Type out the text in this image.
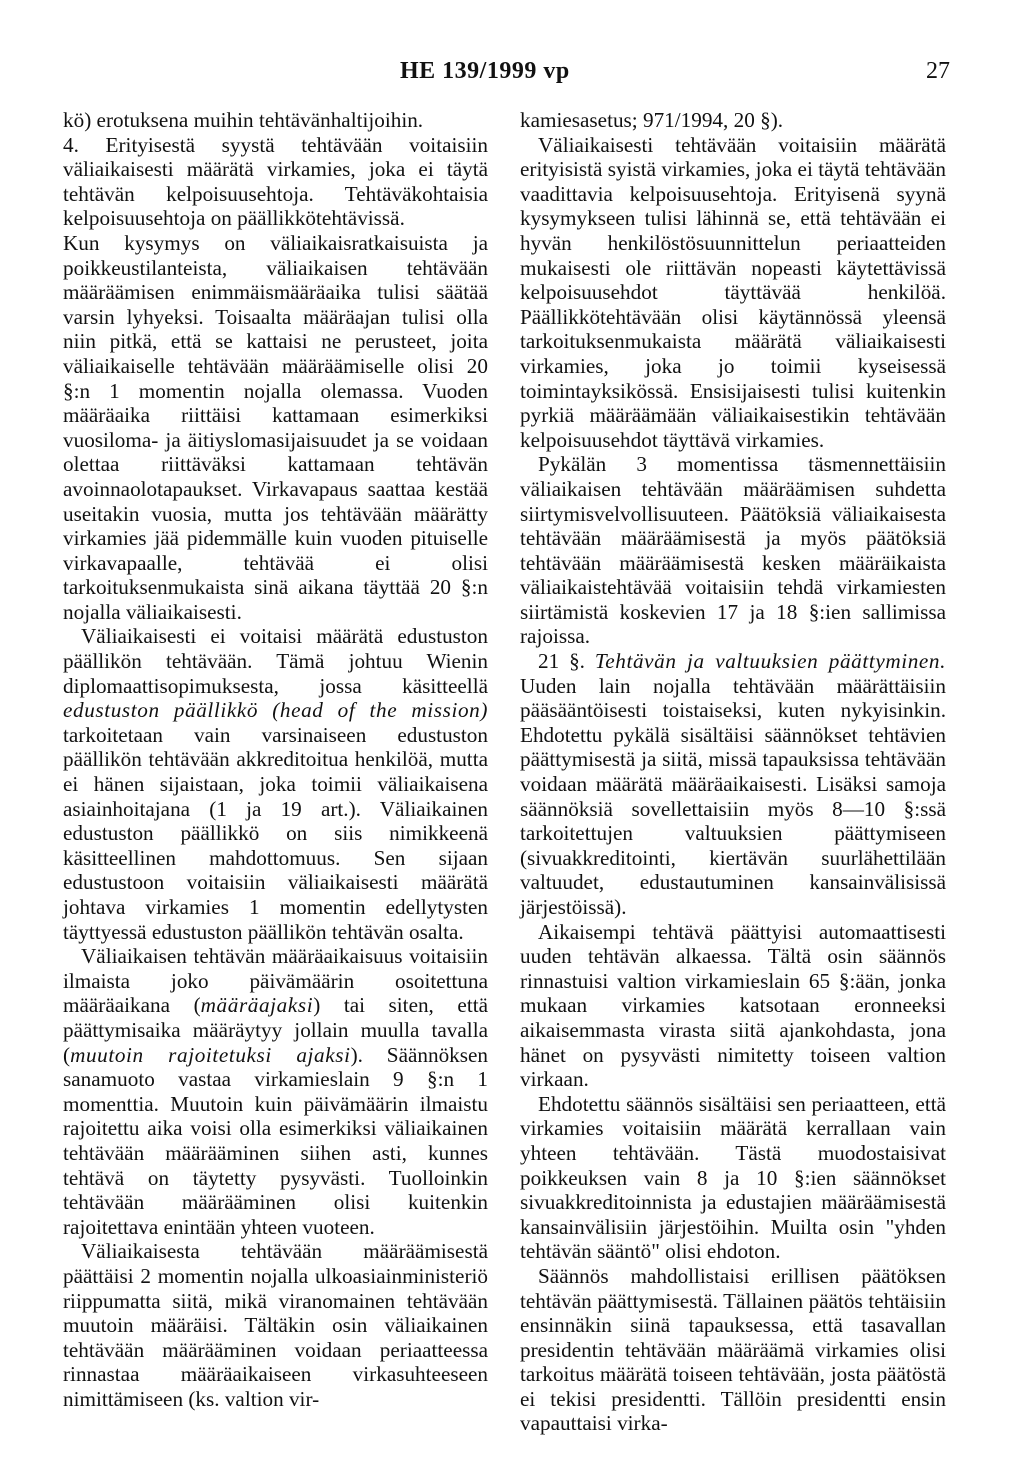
HE 139/1999 vp	27

kö) erotuksena muihin tehtävänhaltijoihin.

4. Erityisestä syystä tehtävään voitaisiin väliaikaisesti määrätä virkamies, joka ei täytä tehtävän kelpoisuusehtoja. Tehtäväkohtaisia kelpoisuusehtoja on päällikkötehtävissä.

Kun kysymys on väliaikaisratkaisuista ja poikkeustilanteista, väliaikaisen tehtävään määräämisen enimmäismääräaika tulisi säätää varsin lyhyeksi. Toisaalta määräajan tulisi olla niin pitkä, että se kattaisi ne perusteet, joita väliaikaiselle tehtävään määräämiselle olisi 20 §:n 1 momentin nojalla olemassa. Vuoden määräaika riittäisi kattamaan esimerkiksi vuosiloma- ja äitiyslomasijaisuudet ja se voidaan olettaa riittäväksi kattamaan tehtävän avoinnaolotapaukset. Virkavapaus saattaa kestää useitakin vuosia, mutta jos tehtävään määrätty virkamies jää pidemmälle kuin vuoden pituiselle virkavapaalle, tehtävää ei olisi tarkoituksenmukaista sinä aikana täyttää 20 §:n nojalla väliaikaisesti.

Väliaikaisesti ei voitaisi määrätä edustuston päällikön tehtävään. Tämä johtuu Wienin diplomaattisopimuksesta, jossa käsitteellä edustuston päällikkö (head of the mission) tarkoitetaan vain varsinaiseen edustuston päällikön tehtävään akkreditoitua henkilöä, mutta ei hänen sijaistaan, joka toimii väliaikaisena asiainhoitajana (1 ja 19 art.). Väliaikainen edustuston päällikkö on siis nimikkeenä käsitteellinen mahdottomuus. Sen sijaan edustustoon voitaisiin väliaikaisesti määrätä johtava virkamies 1 momentin edellytysten täyttyessä edustuston päällikön tehtävän osalta.

Väliaikaisen tehtävän määräaikaisuus voitaisiin ilmaista joko päivämäärin osoitettuna määräaikana (määräajaksi) tai siten, että päättymisaika määräytyy jollain muulla tavalla (muutoin rajoitetuksi ajaksi). Säännöksen sanamuoto vastaa virkamieslain 9 §:n 1 momenttia. Muutoin kuin päivämäärin ilmaistu rajoitettu aika voisi olla esimerkiksi väliaikainen tehtävään määrääminen siihen asti, kunnes tehtävä on täytetty pysyvästi. Tuolloinkin tehtävään määrääminen olisi kuitenkin rajoitettava enintään yhteen vuoteen.

Väliaikaisesta tehtävään määräämisestä päättäisi 2 momentin nojalla ulkoasiainministeriö riippumatta siitä, mikä viranomainen tehtävään muutoin määräisi. Tältäkin osin väliaikainen tehtävään määrääminen voidaan periaatteessa rinnastaa määräaikaiseen virkasuhteeseen nimittämiseen (ks. valtion vir-

kamiesasetus; 971/1994, 20 §).

Väliaikaisesti tehtävään voitaisiin määrätä erityisistä syistä virkamies, joka ei täytä tehtävään vaadittavia kelpoisuusehtoja. Erityisenä syynä kysymykseen tulisi lähinnä se, että tehtävään ei hyvän henkilöstösuunnittelun periaatteiden mukaisesti ole riittävän nopeasti käytettävissä kelpoisuusehdot täyttävää henkilöä. Päällikkötehtävään olisi käytännössä yleensä tarkoituksenmukaista määrätä väliaikaisesti virkamies, joka jo toimii kyseisessä toimintayksikössä. Ensisijaisesti tulisi kuitenkin pyrkiä määräämään väliaikaisestikin tehtävään kelpoisuusehdot täyttävä virkamies.

Pykälän 3 momentissa täsmennettäisiin väliaikaisen tehtävään määräämisen suhdetta siirtymisvelvollisuuteen. Päätöksiä väliaikaisesta tehtävään määräämisestä ja myös päätöksiä tehtävään määräämisestä kesken määräikaista väliaikaistehtävää voitaisiin tehdä virkamiesten siirtämistä koskevien 17 ja 18 §:ien sallimissa rajoissa.

21 §. Tehtävän ja valtuuksien päättyminen. Uuden lain nojalla tehtävään määrättäisiin pääsääntöisesti toistaiseksi, kuten nykyisinkin. Ehdotettu pykälä sisältäisi säännökset tehtävien päättymisestä ja siitä, missä tapauksissa tehtävään voidaan määrätä määräaikaisesti. Lisäksi samoja säännöksiä sovellettaisiin myös 8—10 §:ssä tarkoitettujen valtuuksien päättymiseen (sivuakkreditointi, kiertävän suurlähettilään valtuudet, edustautuminen kansainvälisissä järjestöissä).

Aikaisempi tehtävä päättyisi automaattisesti uuden tehtävän alkaessa. Tältä osin säännös rinnastuisi valtion virkamieslain 65 §:ään, jonka mukaan virkamies katsotaan eronneeksi aikaisemmasta virasta siitä ajankohdasta, jona hänet on pysyvästi nimitetty toiseen valtion virkaan.

Ehdotettu säännös sisältäisi sen periaatteen, että virkamies voitaisiin määrätä kerrallaan vain yhteen tehtävään. Tästä muodostaisivat poikkeuksen vain 8 ja 10 §:ien säännökset sivuakkreditoinnista ja edustajien määräämisestä kansainvälisiin järjestöihin. Muilta osin "yhden tehtävän sääntö" olisi ehdoton.

Säännös mahdollistaisi erillisen päätöksen tehtävän päättymisestä. Tällainen päätös tehtäisiin ensinnäkin siinä tapauksessa, että tasavallan presidentin tehtävään määräämä virkamies olisi tarkoitus määrätä toiseen tehtävään, josta päätöstä ei tekisi presidentti. Tällöin presidentti ensin vapauttaisi virka-
